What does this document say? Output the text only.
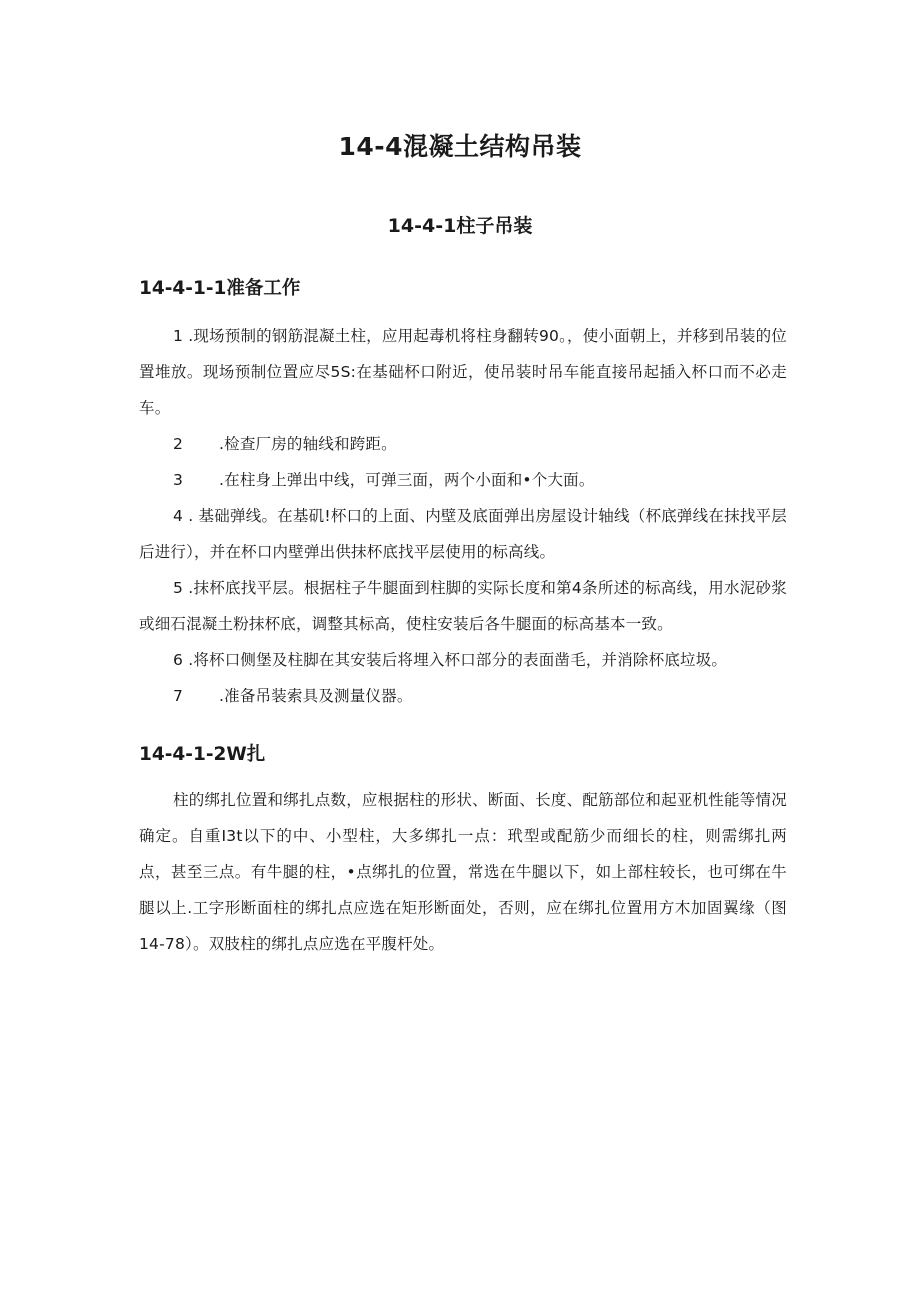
14-4混凝土结构吊装
14-4-1柱子吊装
14-4-1-1准备工作

1 .现场预制的钢筋混凝土柱，应用起毒机将柱身翻转90。，使小面朝上，并移到吊装的位置堆放。现场预制位置应尽5S:在基础杯口附近，使吊装时吊车能直接吊起插入杯口而不必走车。

2 .检查厂房的轴线和跨距。

3 .在柱身上弹出中线，可弹三面，两个小面和•个大面。

4 . 基础弹线。在基矶!杯口的上面、内壁及底面弹出房屋设计轴线（杯底弹线在抹找平层后进行），并在杯口内壁弹出供抹杯底找平层使用的标高线。

5 .抹杯底找平层。根据柱子牛腿面到柱脚的实际长度和第4条所述的标高线，用水泥砂浆或细石混凝土粉抹杯底，调整其标高，使柱安装后各牛腿面的标高基本一致。

6 .将杯口侧堡及柱脚在其安装后将埋入杯口部分的表面凿毛，并消除杯底垃圾。

7 .准备吊装索具及测量仪器。

14-4-1-2W扎

柱的绑扎位置和绑扎点数，应根据柱的形状、断面、长度、配筋部位和起亚机性能等情况确定。自重I3t以下的中、小型柱，大多绑扎一点：玳型或配筋少而细长的柱，则需绑扎两点，甚至三点。有牛腿的柱，•点绑扎的位置，常选在牛腿以下，如上部柱较长，也可绑在牛腿以上.工字形断面柱的绑扎点应选在矩形断面处，否则，应在绑扎位置用方木加固翼缘（图14-78）。双肢柱的绑扎点应选在平腹杆处。
